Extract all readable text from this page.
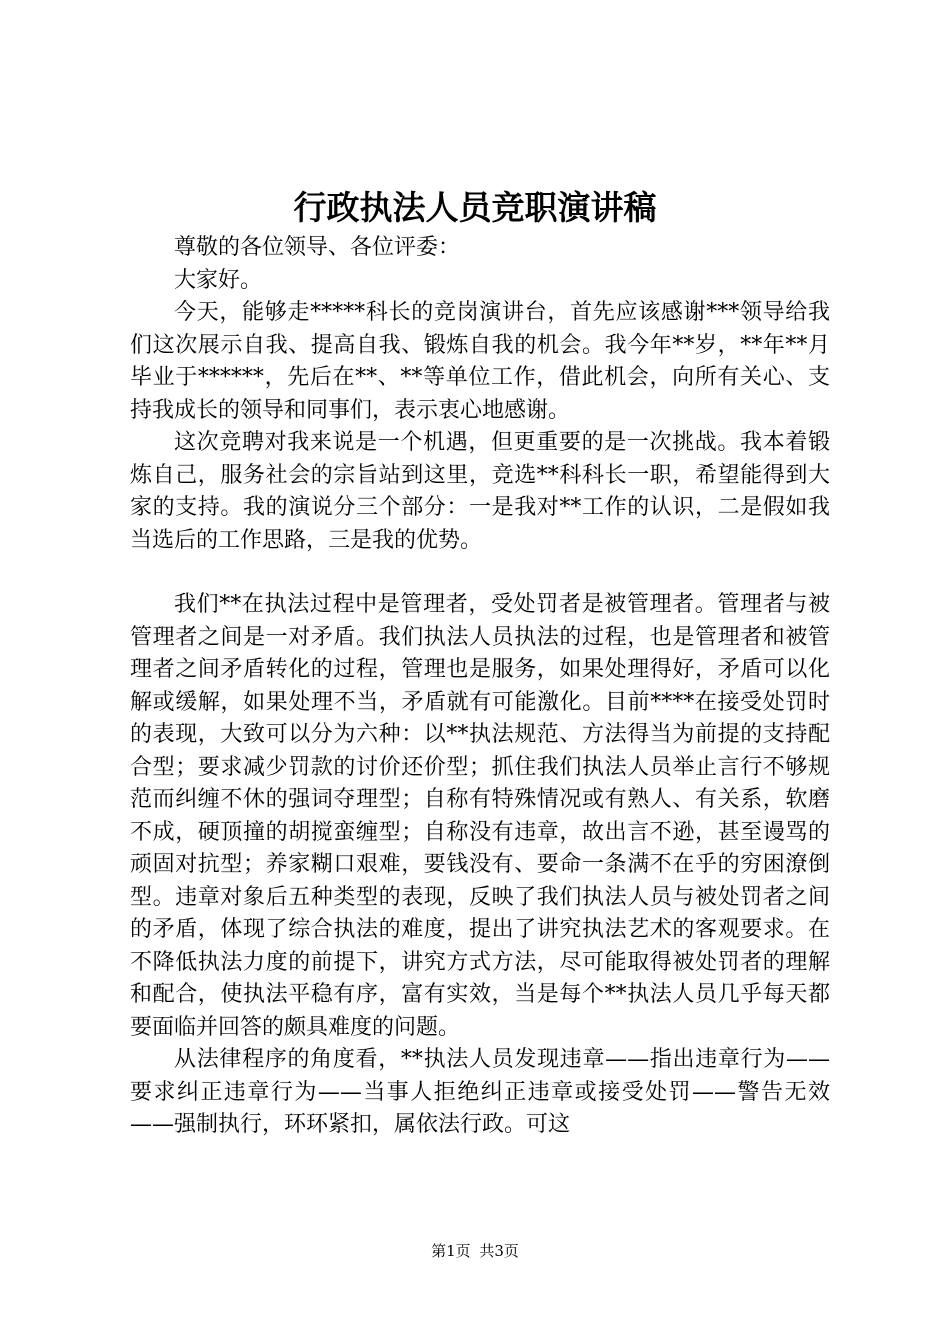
行政执法人员竞职演讲稿

尊敬的各位领导、各位评委：

大家好。

今天，能够走*****科长的竞岗演讲台，首先应该感谢***领导给我们这次展示自我、提高自我、锻炼自我的机会。我今年**岁，**年**月毕业于******，先后在**、**等单位工作，借此机会，向所有关心、支持我成长的领导和同事们，表示衷心地感谢。

这次竞聘对我来说是一个机遇，但更重要的是一次挑战。我本着锻炼自己，服务社会的宗旨站到这里，竞选**科科长一职，希望能得到大家的支持。我的演说分三个部分：一是我对**工作的认识，二是假如我当选后的工作思路，三是我的优势。

我们**在执法过程中是管理者，受处罚者是被管理者。管理者与被管理者之间是一对矛盾。我们执法人员执法的过程，也是管理者和被管理者之间矛盾转化的过程，管理也是服务，如果处理得好，矛盾可以化解或缓解，如果处理不当，矛盾就有可能激化。目前****在接受处罚时的表现，大致可以分为六种：以**执法规范、方法得当为前提的支持配合型；要求减少罚款的讨价还价型；抓住我们执法人员举止言行不够规范而纠缠不休的强词夺理型；自称有特殊情况或有熟人、有关系，软磨不成，硬顶撞的胡搅蛮缠型；自称没有违章，故出言不逊，甚至谩骂的顽固对抗型；养家糊口艰难，要钱没有、要命一条满不在乎的穷困潦倒型。违章对象后五种类型的表现，反映了我们执法人员与被处罚者之间的矛盾，体现了综合执法的难度，提出了讲究执法艺术的客观要求。在不降低执法力度的前提下，讲究方式方法，尽可能取得被处罚者的理解和配合，使执法平稳有序，富有实效，当是每个**执法人员几乎每天都要面临并回答的颇具难度的问题。

从法律程序的角度看，**执法人员发现违章——指出违章行为——要求纠正违章行为——当事人拒绝纠正违章或接受处罚——警告无效——强制执行，环环紧扣，属依法行政。可这

第1页 共3页
